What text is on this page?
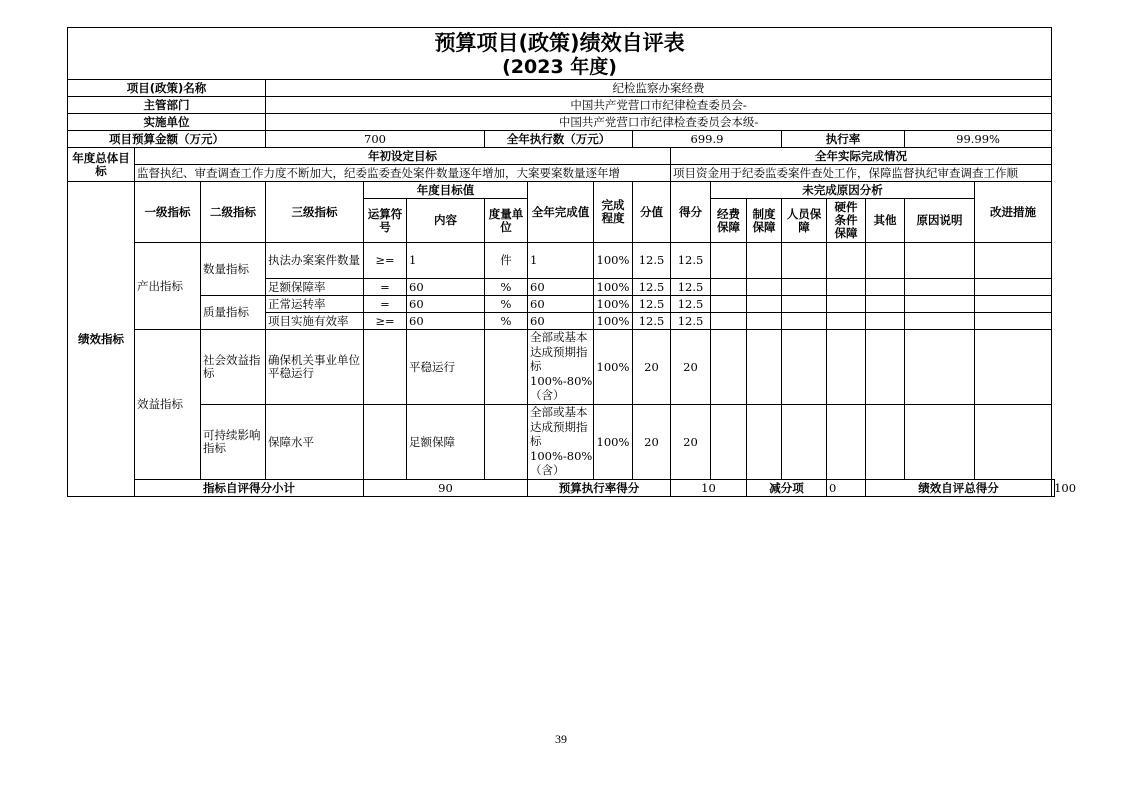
预算项目(政策)绩效自评表
(2023 年度)																		

项目(政策)名称			纪检监察办案经费															
主管部门			中国共产党营口市纪律检查委员会-															
实施单位			中国共产党营口市纪律检查委员会本级-															
项目预算金额（万元）			700			全年执行数（万元）			699.9				执行率			99.99%		
年度总体目标	年初设定目标									全年实际完成情况								
	监督执纪、审查调查工作力度不断加大，纪委监委查处案件数量逐年增加，大案要案数量逐年增									项目资金用于纪委监委案件查处工作，保障监督执纪审查调查工作顺								
绩效指标	一级指标	二级指标	三级指标	年度目标值			全年完成值	完成程度	分值	得分	未完成原因分析						改进措施	
				运算符号	内容	度量单位					经费保障	制度保障	人员保障	硬件条件保障	其他	原因说明		
	产出指标	数量指标	执法办案案件数量	≥=	1	件	1	100%	12.5	12.5								
			足额保障率	=	60	%	60	100%	12.5	12.5								
		质量指标	正常运转率	=	60	%	60	100%	12.5	12.5								
			项目实施有效率	≥=	60	%	60	100%	12.5	12.5								
	效益指标	社会效益指标	确保机关事业单位平稳运行		平稳运行		全部或基本达成预期指标100%-80%（含）	100%	20	20								
		可持续影响指标	保障水平		足额保障		全部或基本达成预期指标100%-80%（含）	100%	20	20								
	指标自评得分小计			90			预算执行率得分			10		减分项		0	绩效自评总得分			100
39
